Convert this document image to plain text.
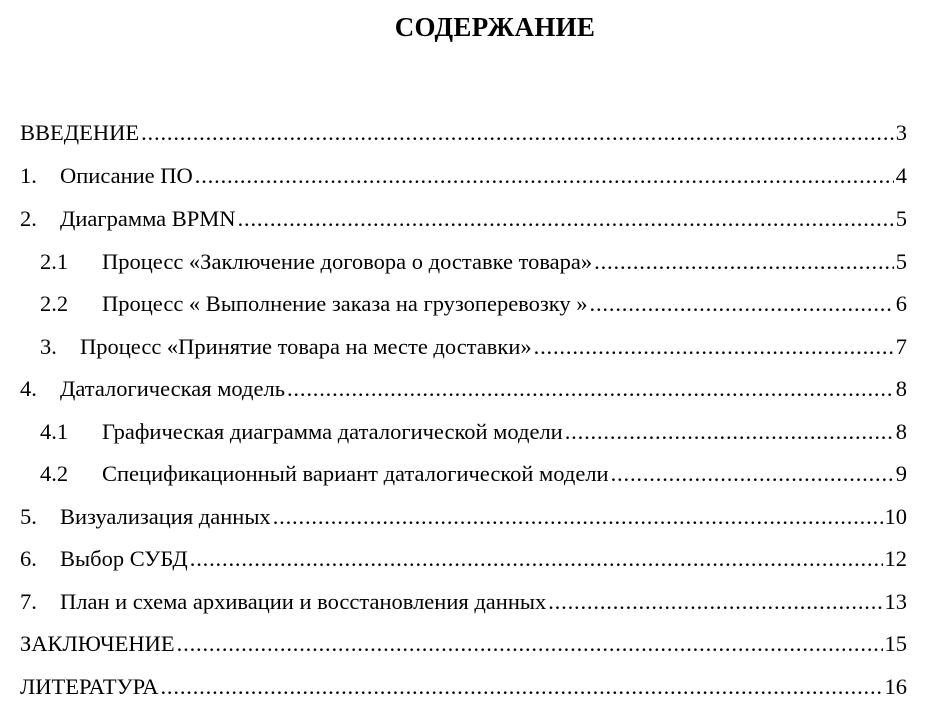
СОДЕРЖАНИЕ
ВВЕДЕНИЕ . . .	3
1.	Описание ПО . . .	4
2.	Диаграмма BPMN . . .	5
2.1	Процесс «Заключение договора о доставке товара» . . .	5
2.2	Процесс « Выполнение заказа на грузоперевозку » . . .	6
3.	Процесс «Принятие товара на месте доставки» . . .	7
4.	Даталогическая модель . . .	8
4.1	Графическая диаграмма даталогической модели . . .	8
4.2	Спецификационный вариант даталогической модели . . .	9
5.	Визуализация данных . . .	10
6.	Выбор СУБД . . .	12
7.	План и схема архивации и восстановления данных . . .	13
ЗАКЛЮЧЕНИЕ . . .	15
ЛИТЕРАТУРА . . .	16
